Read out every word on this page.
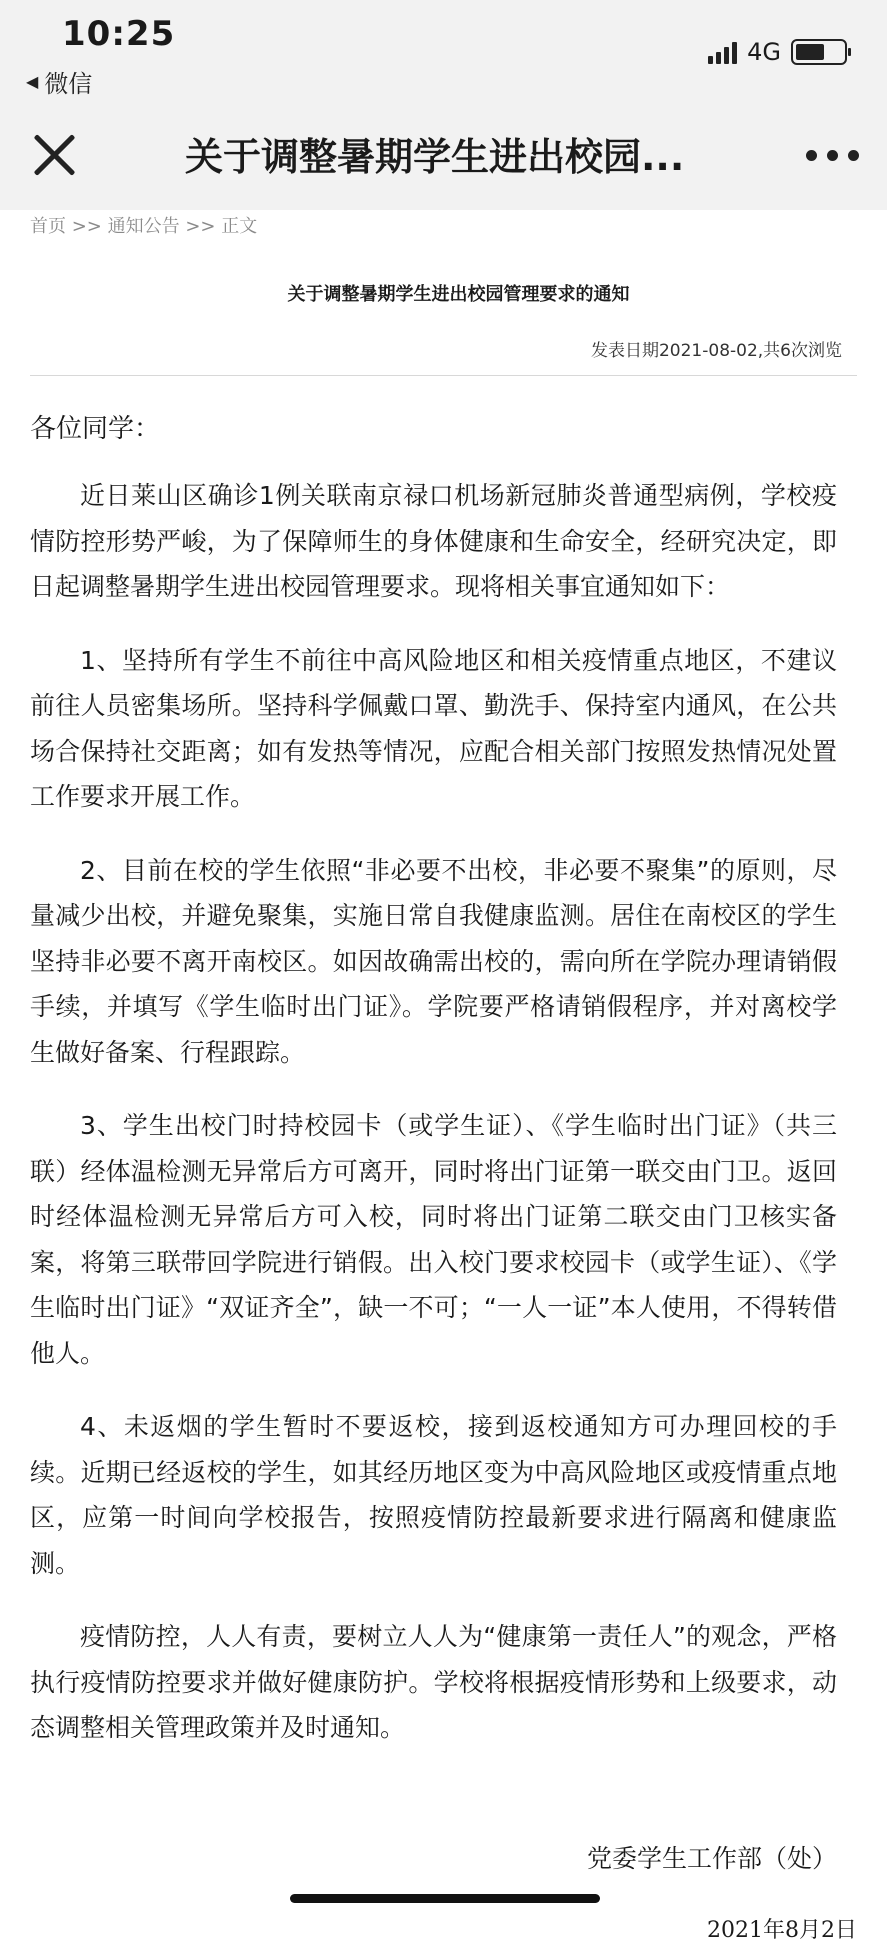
10:25
◀ 微信
4G
关于调整暑期学生进出校园...
首页 >> 通知公告 >> 正文
关于调整暑期学生进出校园管理要求的通知
发表日期2021-08-02,共6次浏览
各位同学：

近日莱山区确诊1例关联南京禄口机场新冠肺炎普通型病例，学校疫情防控形势严峻，为了保障师生的身体健康和生命安全，经研究决定，即日起调整暑期学生进出校园管理要求。现将相关事宜通知如下：

1、坚持所有学生不前往中高风险地区和相关疫情重点地区，不建议前往人员密集场所。坚持科学佩戴口罩、勤洗手、保持室内通风，在公共场合保持社交距离；如有发热等情况，应配合相关部门按照发热情况处置工作要求开展工作。

2、目前在校的学生依照“非必要不出校，非必要不聚集”的原则，尽量减少出校，并避免聚集，实施日常自我健康监测。居住在南校区的学生坚持非必要不离开南校区。如因故确需出校的，需向所在学院办理请销假手续，并填写《学生临时出门证》。学院要严格请销假程序，并对离校学生做好备案、行程跟踪。

3、学生出校门时持校园卡（或学生证）、《学生临时出门证》（共三联）经体温检测无异常后方可离开，同时将出门证第一联交由门卫。返回时经体温检测无异常后方可入校，同时将出门证第二联交由门卫核实备案，将第三联带回学院进行销假。出入校门要求校园卡（或学生证）、《学生临时出门证》“双证齐全”，缺一不可；“一人一证”本人使用，不得转借他人。

4、未返烟的学生暂时不要返校，接到返校通知方可办理回校的手续。近期已经返校的学生，如其经历地区变为中高风险地区或疫情重点地区，应第一时间向学校报告，按照疫情防控最新要求进行隔离和健康监测。

疫情防控，人人有责，要树立人人为“健康第一责任人”的观念，严格执行疫情防控要求并做好健康防护。学校将根据疫情形势和上级要求，动态调整相关管理政策并及时通知。

党委学生工作部（处）
2021年8月2日
